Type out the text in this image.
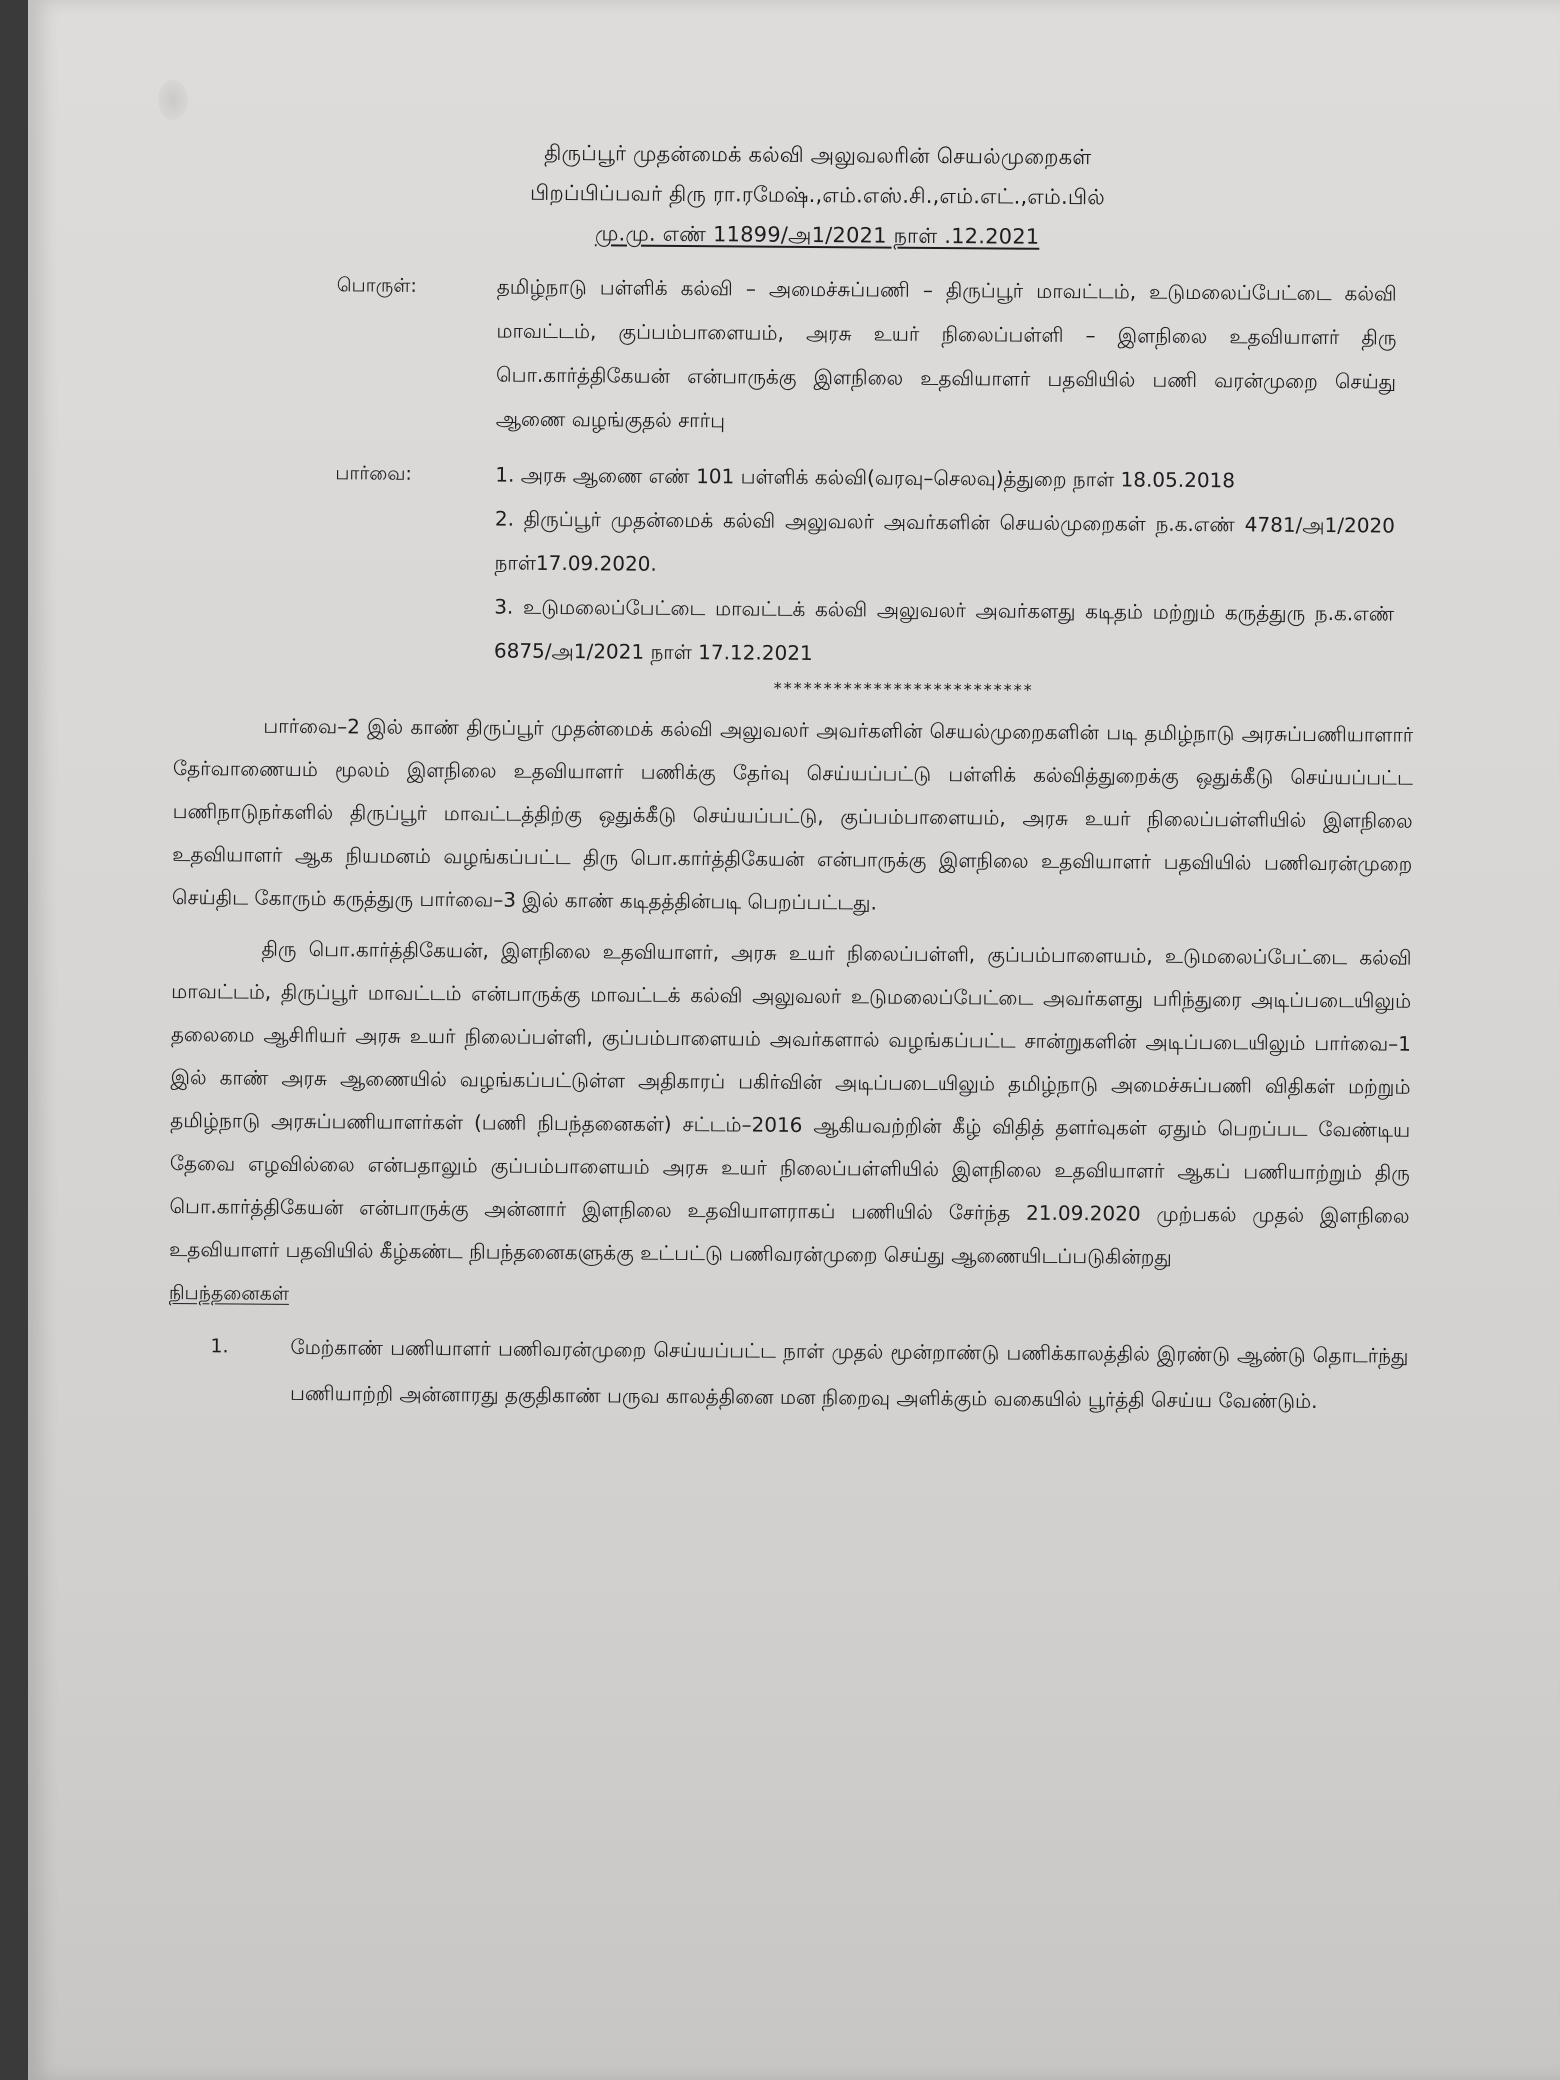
திருப்பூர் முதன்மைக் கல்வி அலுவலரின் செயல்முறைகள்
பிறப்பிப்பவர் திரு ரா.ரமேஷ்.,எம்.எஸ்.சி.,எம்.எட்.,எம்.பில்
மு.மு. எண் 11899/அ1/2021 நாள் .12.2021
பொருள்:	தமிழ்நாடு பள்ளிக் கல்வி – அமைச்சுப்பணி – திருப்பூர் மாவட்டம், உடுமலைப்பேட்டை கல்வி மாவட்டம், குப்பம்பாளையம், அரசு உயர் நிலைப்பள்ளி – இளநிலை உதவியாளர் திரு பொ.கார்த்திகேயன் என்பாருக்கு இளநிலை உதவியாளர் பதவியில் பணி வரன்முறை செய்து ஆணை வழங்குதல் சார்பு
பார்வை:	1. அரசு ஆணை எண் 101 பள்ளிக் கல்வி(வரவு–செலவு)த்துறை நாள் 18.05.2018

2. திருப்பூர் முதன்மைக் கல்வி அலுவலர் அவர்களின் செயல்முறைகள் ந.க.எண் 4781/அ1/2020 நாள்17.09.2020.

3. உடுமலைப்பேட்டை மாவட்டக் கல்வி அலுவலர் அவர்களது கடிதம் மற்றும் கருத்துரு ந.க.எண் 6875/அ1/2021 நாள் 17.12.2021

**************************

பார்வை–2 இல் காண் திருப்பூர் முதன்மைக் கல்வி அலுவலர் அவர்களின் செயல்முறைகளின் படி தமிழ்நாடு அரசுப்பணியாளார் தேர்வாணையம் மூலம் இளநிலை உதவியாளர் பணிக்கு தேர்வு செய்யப்பட்டு பள்ளிக் கல்வித்துறைக்கு ஒதுக்கீடு செய்யப்பட்ட பணிநாடுநர்களில் திருப்பூர் மாவட்டத்திற்கு ஒதுக்கீடு செய்யப்பட்டு, குப்பம்பாளையம், அரசு உயர் நிலைப்பள்ளியில் இளநிலை உதவியாளர் ஆக நியமனம் வழங்கப்பட்ட திரு பொ.கார்த்திகேயன் என்பாருக்கு இளநிலை உதவியாளர் பதவியில் பணிவரன்முறை செய்திட கோரும் கருத்துரு பார்வை–3 இல் காண் கடிதத்தின்படி பெறப்பட்டது.

திரு பொ.கார்த்திகேயன், இளநிலை உதவியாளர், அரசு உயர் நிலைப்பள்ளி, குப்பம்பாளையம், உடுமலைப்பேட்டை கல்வி மாவட்டம், திருப்பூர் மாவட்டம் என்பாருக்கு மாவட்டக் கல்வி அலுவலர் உடுமலைப்பேட்டை அவர்களது பரிந்துரை அடிப்படையிலும் தலைமை ஆசிரியர் அரசு உயர் நிலைப்பள்ளி, குப்பம்பாளையம் அவர்களால் வழங்கப்பட்ட சான்றுகளின் அடிப்படையிலும் பார்வை–1 இல் காண் அரசு ஆணையில் வழங்கப்பட்டுள்ள அதிகாரப் பகிர்வின் அடிப்படையிலும் தமிழ்நாடு அமைச்சுப்பணி விதிகள் மற்றும் தமிழ்நாடு அரசுப்பணியாளர்கள் (பணி நிபந்தனைகள்) சட்டம்–2016 ஆகியவற்றின் கீழ் விதித் தளர்வுகள் ஏதும் பெறப்பட வேண்டிய தேவை எழவில்லை என்பதாலும் குப்பம்பாளையம் அரசு உயர் நிலைப்பள்ளியில் இளநிலை உதவியாளர் ஆகப் பணியாற்றும் திரு பொ.கார்த்திகேயன் என்பாருக்கு அன்னார் இளநிலை உதவியாளராகப் பணியில் சேர்ந்த 21.09.2020 முற்பகல் முதல் இளநிலை உதவியாளர் பதவியில் கீழ்கண்ட நிபந்தனைகளுக்கு உட்பட்டு பணிவரன்முறை செய்து ஆணையிடப்படுகின்றது

நிபந்தனைகள்
1.	மேற்காண் பணியாளர் பணிவரன்முறை செய்யப்பட்ட நாள் முதல் மூன்றாண்டு பணிக்காலத்தில் இரண்டு ஆண்டு தொடர்ந்து பணியாற்றி அன்னாரது தகுதிகாண் பருவ காலத்தினை மன நிறைவு அளிக்கும் வகையில் பூர்த்தி செய்ய வேண்டும்.
